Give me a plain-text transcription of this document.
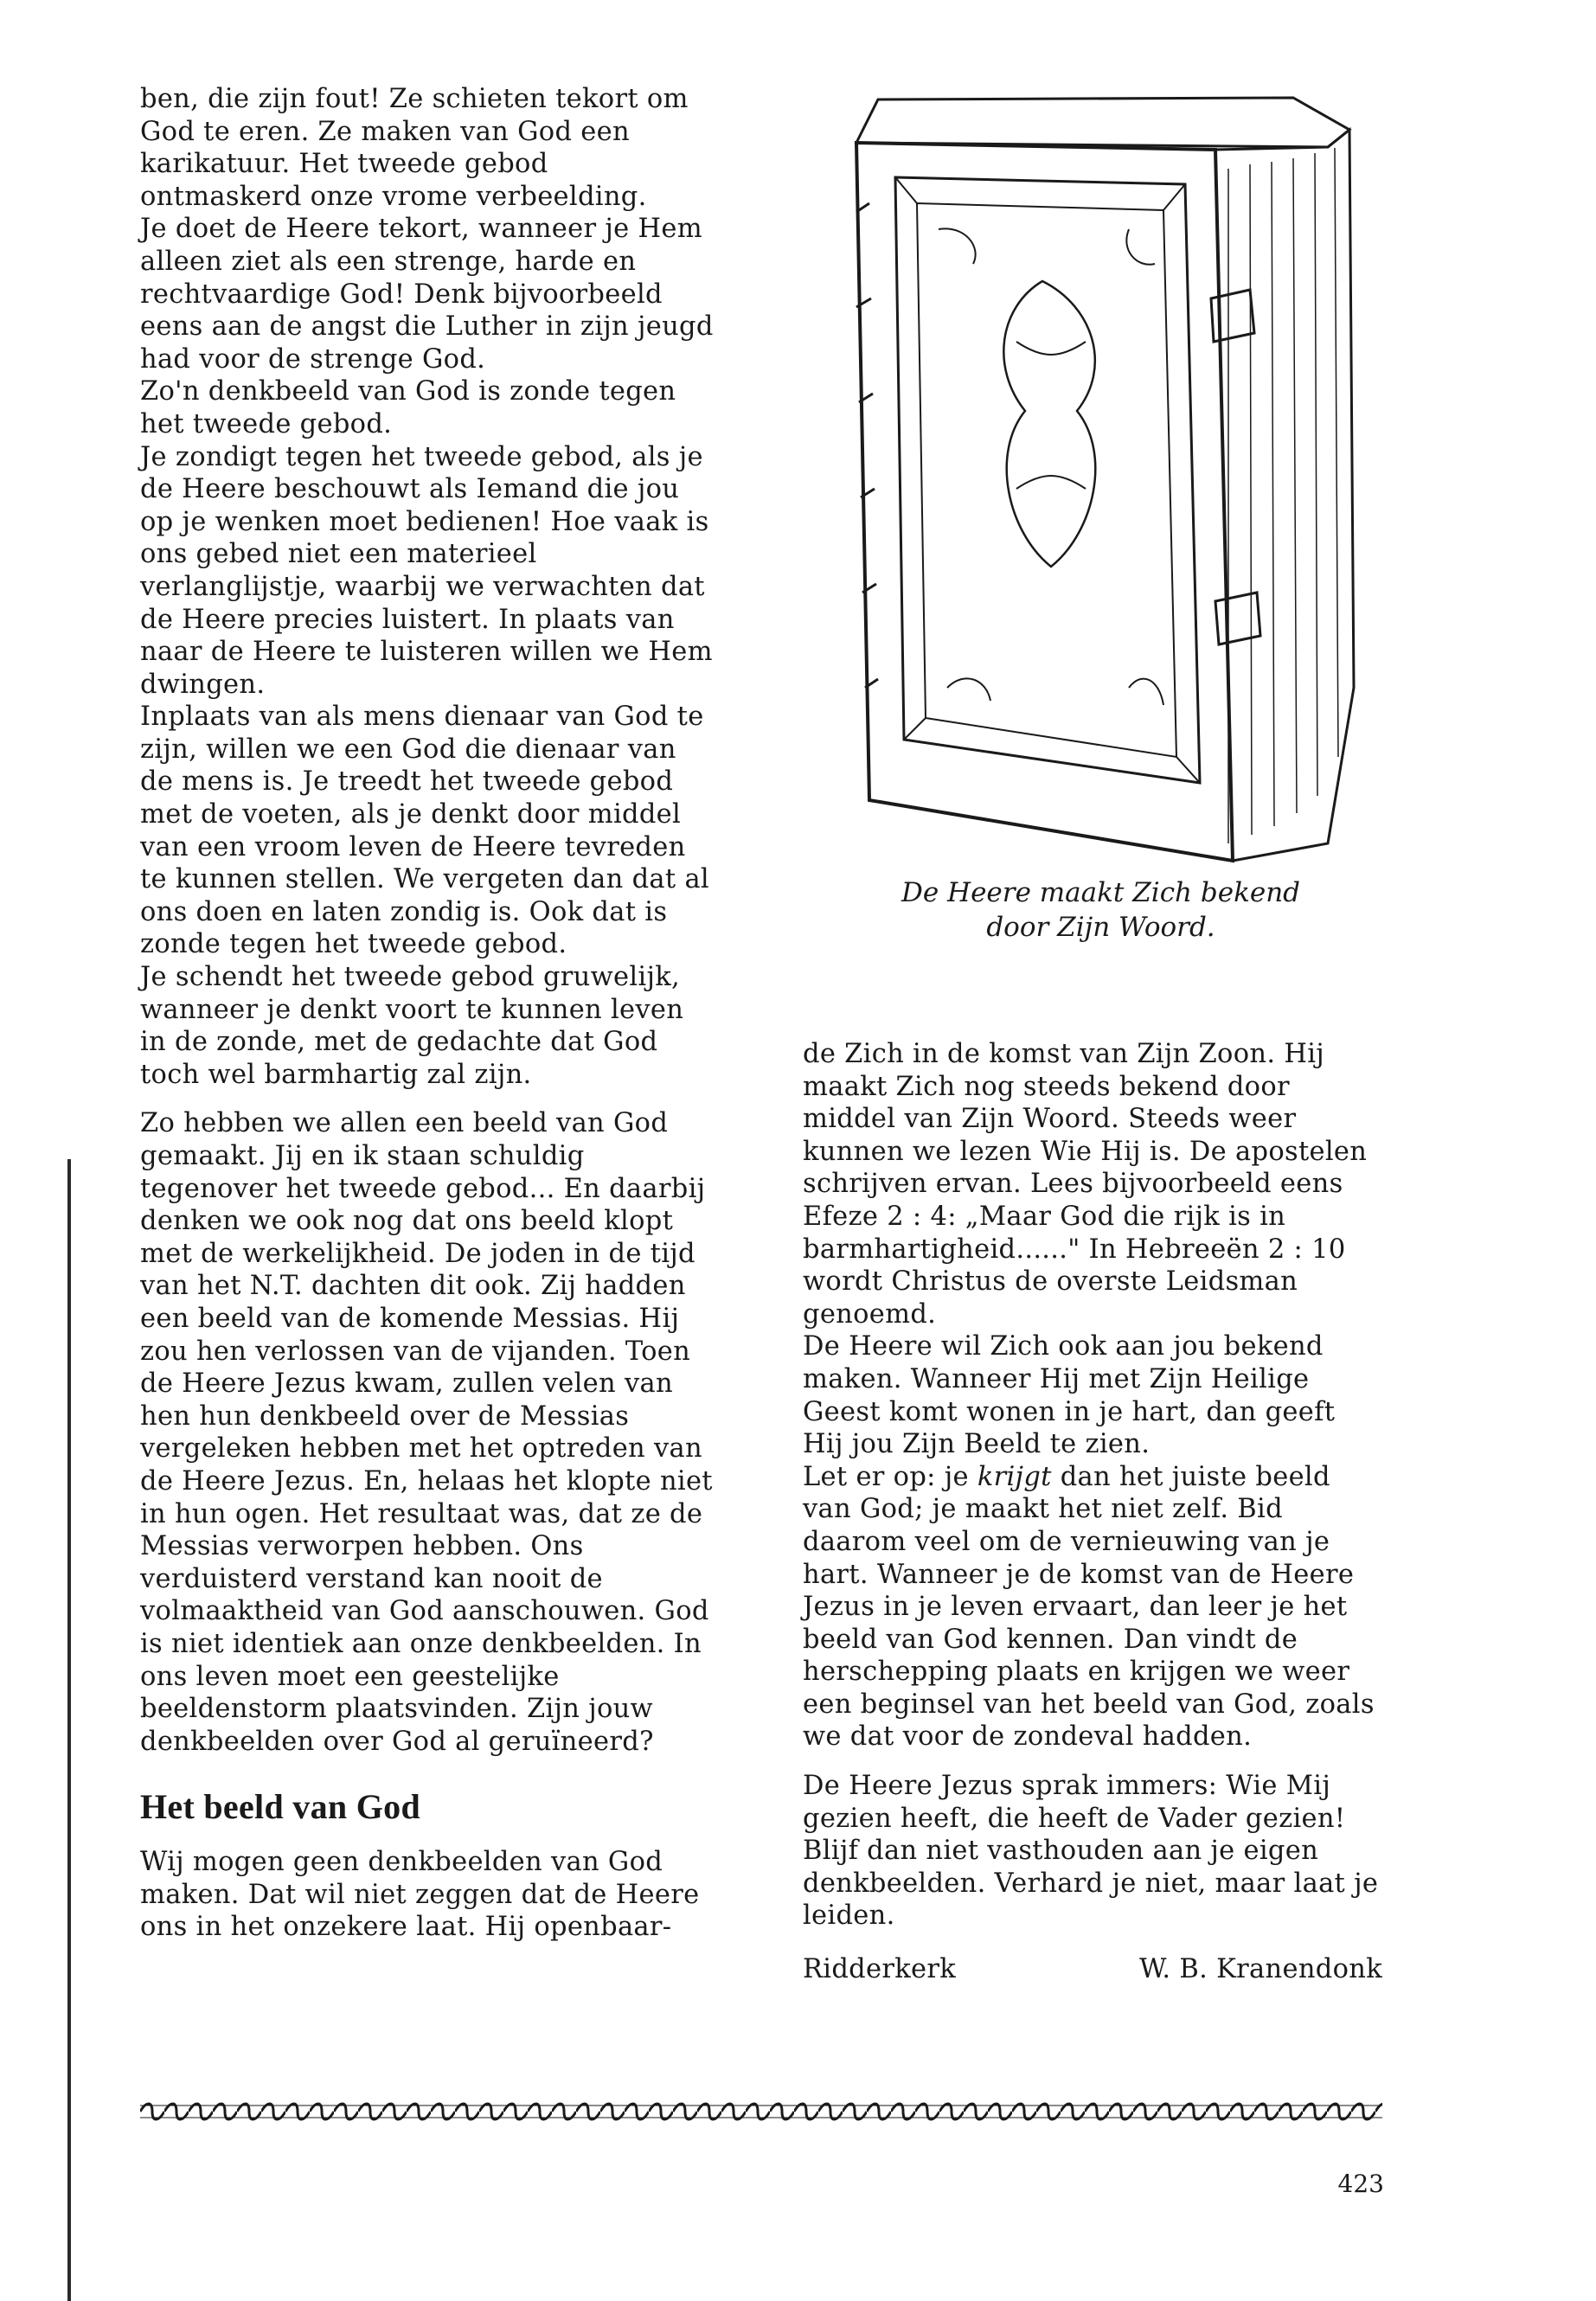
ben, die zijn fout! Ze schieten tekort om God te eren. Ze maken van God een karikatuur. Het tweede gebod ontmaskerd onze vrome verbeelding.

Je doet de Heere tekort, wanneer je Hem alleen ziet als een strenge, harde en rechtvaardige God! Denk bijvoorbeeld eens aan de angst die Luther in zijn jeugd had voor de strenge God.

Zo'n denkbeeld van God is zonde tegen het tweede gebod.

Je zondigt tegen het tweede gebod, als je de Heere beschouwt als Iemand die jou op je wenken moet bedienen! Hoe vaak is ons gebed niet een materieel verlanglijstje, waarbij we verwachten dat de Heere precies luistert. In plaats van naar de Heere te luisteren willen we Hem dwingen.

Inplaats van als mens dienaar van God te zijn, willen we een God die dienaar van de mens is. Je treedt het tweede gebod met de voeten, als je denkt door middel van een vroom leven de Heere tevreden te kunnen stellen. We vergeten dan dat al ons doen en laten zondig is. Ook dat is zonde tegen het tweede gebod.

Je schendt het tweede gebod gruwelijk, wanneer je denkt voort te kunnen leven in de zonde, met de gedachte dat God toch wel barmhartig zal zijn.

Zo hebben we allen een beeld van God gemaakt. Jij en ik staan schuldig tegenover het tweede gebod... En daarbij denken we ook nog dat ons beeld klopt met de werkelijkheid. De joden in de tijd van het N.T. dachten dit ook. Zij hadden een beeld van de komende Messias. Hij zou hen verlossen van de vijanden. Toen de Heere Jezus kwam, zullen velen van hen hun denkbeeld over de Messias vergeleken hebben met het optreden van de Heere Jezus. En, helaas het klopte niet in hun ogen. Het resultaat was, dat ze de Messias verworpen hebben. Ons verduisterd verstand kan nooit de volmaaktheid van God aanschouwen. God is niet identiek aan onze denkbeelden. In ons leven moet een geestelijke beeldenstorm plaatsvinden. Zijn jouw denkbeelden over God al geruïneerd?

Het beeld van God

Wij mogen geen denkbeelden van God maken. Dat wil niet zeggen dat de Heere ons in het onzekere laat. Hij openbaar-

De Heere maakt Zich bekend
door Zijn Woord.

de Zich in de komst van Zijn Zoon. Hij maakt Zich nog steeds bekend door middel van Zijn Woord. Steeds weer kunnen we lezen Wie Hij is. De apostelen schrijven ervan. Lees bijvoorbeeld eens Efeze 2 : 4: „Maar God die rijk is in barmhartigheid......" In Hebreeën 2 : 10 wordt Christus de overste Leidsman genoemd.

De Heere wil Zich ook aan jou bekend maken. Wanneer Hij met Zijn Heilige Geest komt wonen in je hart, dan geeft Hij jou Zijn Beeld te zien.

Let er op: je krijgt dan het juiste beeld van God; je maakt het niet zelf. Bid daarom veel om de vernieuwing van je hart. Wanneer je de komst van de Heere Jezus in je leven ervaart, dan leer je het beeld van God kennen. Dan vindt de herschepping plaats en krijgen we weer een beginsel van het beeld van God, zoals we dat voor de zondeval hadden.

De Heere Jezus sprak immers: Wie Mij gezien heeft, die heeft de Vader gezien! Blijf dan niet vasthouden aan je eigen denkbeelden. Verhard je niet, maar laat je leiden.

Ridderkerk	W. B. Kranendonk

423
